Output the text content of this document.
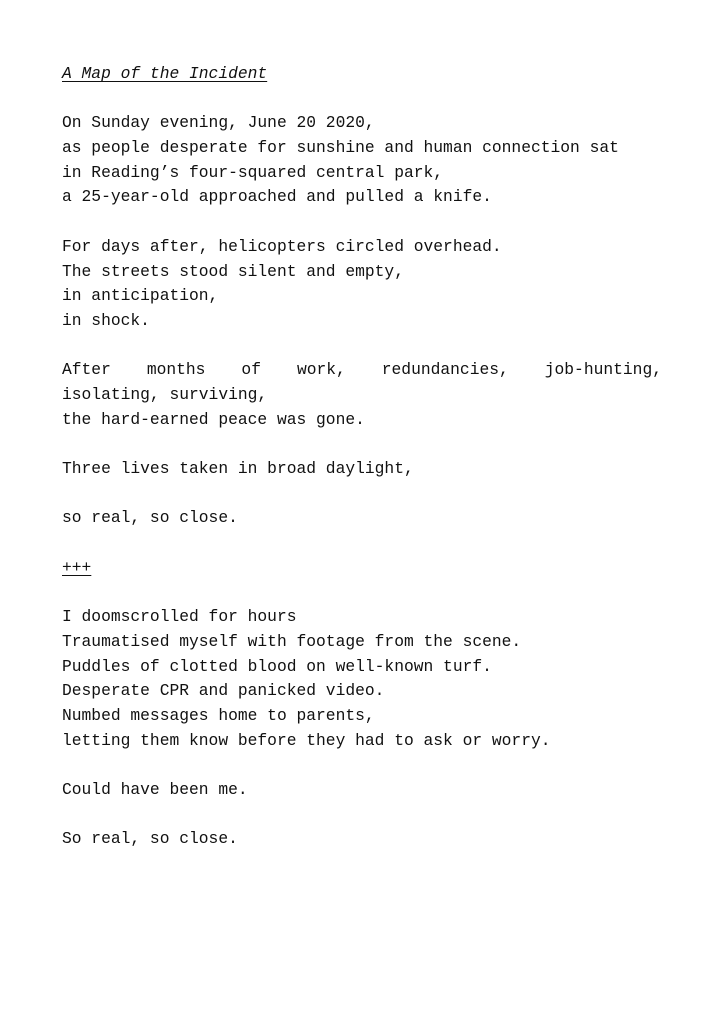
A Map of the Incident
On Sunday evening, June 20 2020,
as people desperate for sunshine and human connection sat
in Reading’s four-squared central park,
a 25-year-old approached and pulled a knife.
For days after, helicopters circled overhead.
The streets stood silent and empty,
in anticipation,
in shock.
After months of work, redundancies, job-hunting,
isolating, surviving,
the hard-earned peace was gone.
Three lives taken in broad daylight,
so real, so close.
+++
I doomscrolled for hours
Traumatised myself with footage from the scene.
Puddles of clotted blood on well-known turf.
Desperate CPR and panicked video.
Numbed messages home to parents,
letting them know before they had to ask or worry.
Could have been me.
So real, so close.
